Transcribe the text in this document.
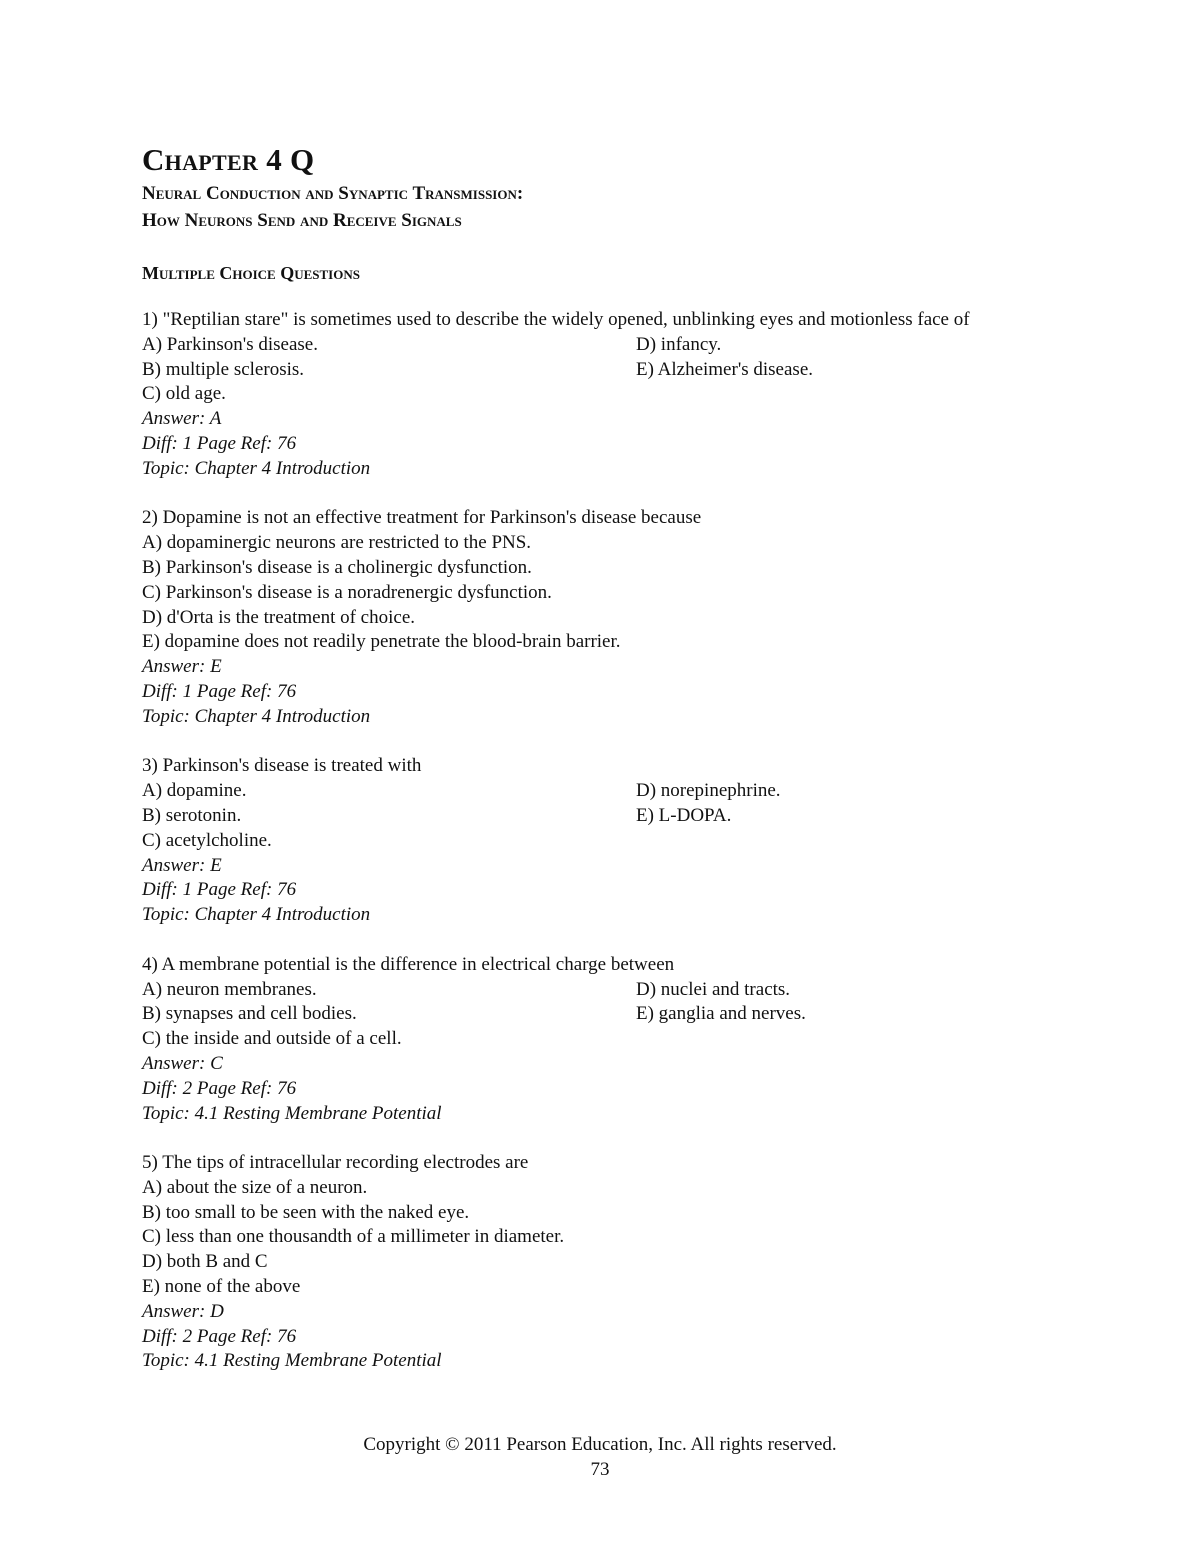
Chapter 4 Q
Neural Conduction and Synaptic Transmission:
How Neurons Send and Receive Signals
Multiple Choice Questions
1) "Reptilian stare" is sometimes used to describe the widely opened, unblinking eyes and motionless face of
A) Parkinson's disease.
B) multiple sclerosis.
C) old age.
D) infancy.
E) Alzheimer's disease.
Answer: A
Diff: 1 Page Ref: 76
Topic: Chapter 4 Introduction
2) Dopamine is not an effective treatment for Parkinson's disease because
A) dopaminergic neurons are restricted to the PNS.
B) Parkinson's disease is a cholinergic dysfunction.
C) Parkinson's disease is a noradrenergic dysfunction.
D) d'Orta is the treatment of choice.
E) dopamine does not readily penetrate the blood-brain barrier.
Answer: E
Diff: 1 Page Ref: 76
Topic: Chapter 4 Introduction
3) Parkinson's disease is treated with
A) dopamine.
B) serotonin.
C) acetylcholine.
D) norepinephrine.
E) L-DOPA.
Answer: E
Diff: 1 Page Ref: 76
Topic: Chapter 4 Introduction
4) A membrane potential is the difference in electrical charge between
A) neuron membranes.
B) synapses and cell bodies.
C) the inside and outside of a cell.
D) nuclei and tracts.
E) ganglia and nerves.
Answer: C
Diff: 2 Page Ref: 76
Topic: 4.1 Resting Membrane Potential
5) The tips of intracellular recording electrodes are
A) about the size of a neuron.
B) too small to be seen with the naked eye.
C) less than one thousandth of a millimeter in diameter.
D) both B and C
E) none of the above
Answer: D
Diff: 2 Page Ref: 76
Topic: 4.1 Resting Membrane Potential
Copyright © 2011 Pearson Education, Inc. All rights reserved.
73
